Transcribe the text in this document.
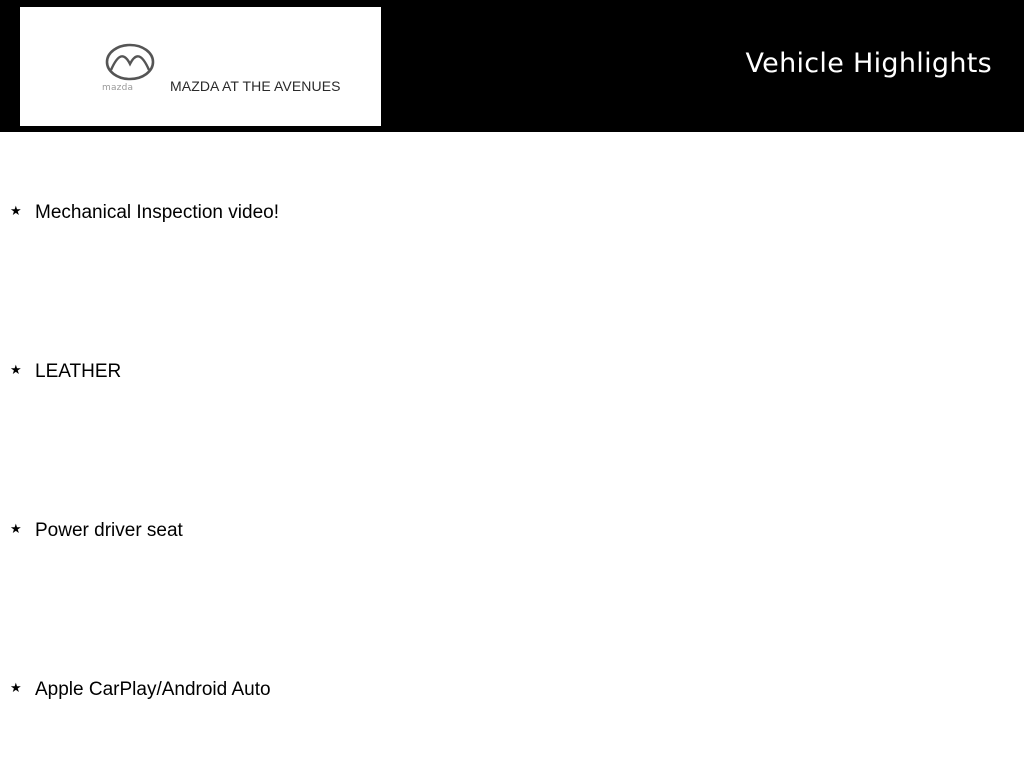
mazda	MAZDA AT THE AVENUES
Vehicle Highlights
★ Mechanical Inspection video!
★ LEATHER
★ Power driver seat
★ Apple CarPlay/Android Auto
